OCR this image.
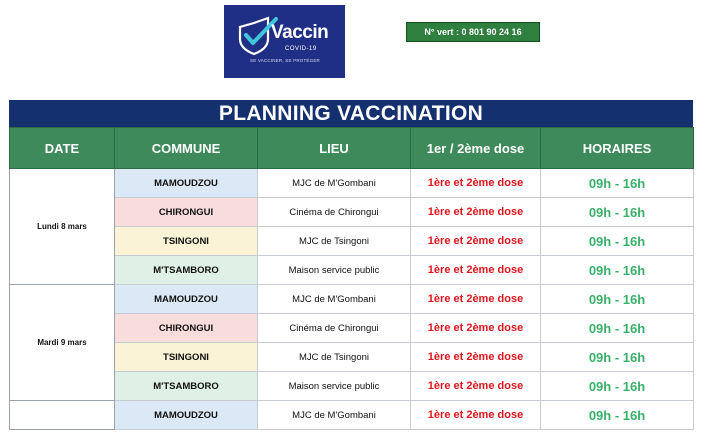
Vaccin
COVID-19
SE VACCINER, SE PROTÉGER
N° vert : 0 801 90 24 16
PLANNING VACCINATION
DATE	COMMUNE	LIEU	1er / 2ème dose	HORAIRES
Lundi 8 mars	MAMOUDZOU	MJC de M'Gombani	1ère et 2ème dose	09h - 16h
	CHIRONGUI	Cinéma de Chirongui	1ère et 2ème dose	09h - 16h
	TSINGONI	MJC de Tsingoni	1ère et 2ème dose	09h - 16h
	M'TSAMBORO	Maison service public	1ère et 2ème dose	09h - 16h
Mardi 9 mars	MAMOUDZOU	MJC de M'Gombani	1ère et 2ème dose	09h - 16h
	CHIRONGUI	Cinéma de Chirongui	1ère et 2ème dose	09h - 16h
	TSINGONI	MJC de Tsingoni	1ère et 2ème dose	09h - 16h
	M'TSAMBORO	Maison service public	1ère et 2ème dose	09h - 16h
	MAMOUDZOU	MJC de M'Gombani	1ère et 2ème dose	09h - 16h
